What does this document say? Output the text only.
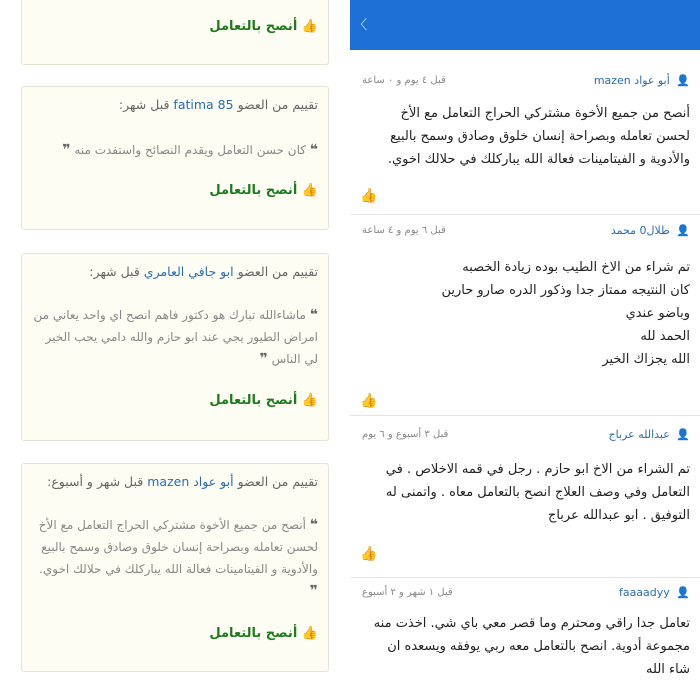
👍 أنصح بالتعامل
تقييم من العضو fatima 85 قبل شهر:
❝ كان حسن التعامل ويقدم النصائح واستفدت منه ❞
👍 أنصح بالتعامل
تقييم من العضو ابو جافي العامري قبل شهر:
❝ ماشاءالله تبارك هو دكتور فاهم انصح اي واحد يعاني من امراض الطيور يجي عند ابو حازم والله دامي يحب الخير لي الناس ❞
👍 أنصح بالتعامل
تقييم من العضو أبو عواد mazen قبل شهر و أسبوع:
❝ أنصح من جميع الأخوة مشتركي الحراج التعامل مع الأخ لحسن تعامله وبصراحة إنسان خلوق وصادق وسمح بالبيع والأدوية و الفيتامينات فعالة الله يباركلك في حلالك اخوي. ❞
👍 أنصح بالتعامل
〈
👤 أبو عواد mazen
قبل ٤ يوم و ٠ ساعة
أنصح من جميع الأخوة مشتركي الحراج التعامل مع الأخ
لحسن تعامله وبصراحة إنسان خلوق وصادق وسمح بالبيع
والأدوية و الفيتامينات فعالة الله يباركلك في حلالك اخوي.
👍
👤 طلال0 محمد
قبل ٦ يوم و ٤ ساعة
تم شراء من الاخ الطيب بوده زيادة الخصبه
كان النتيجه ممتاز جدا وذكور الدره صارو حارين
وباضو عندي
الحمد لله
الله يجزاك الخير
👍
👤 عبدالله عرباج
قبل ٣ أسبوع و ٦ يوم
تم الشراء من الاخ ابو حازم . رجل في قمه الاخلاص . في
التعامل وفي وصف العلاج انصح بالتعامل معاه . واتمنى له
التوفيق . ابو عبدالله عرباج
👍
👤 faaaadyy
قبل ١ شهر و ٢ أسبوع
تعامل جدا راقي ومحترم وما قصر معي باي شي. اخذت منه
مجموعة أدوية. انصح بالتعامل معه ربي يوفقه ويسعده ان
شاء الله
